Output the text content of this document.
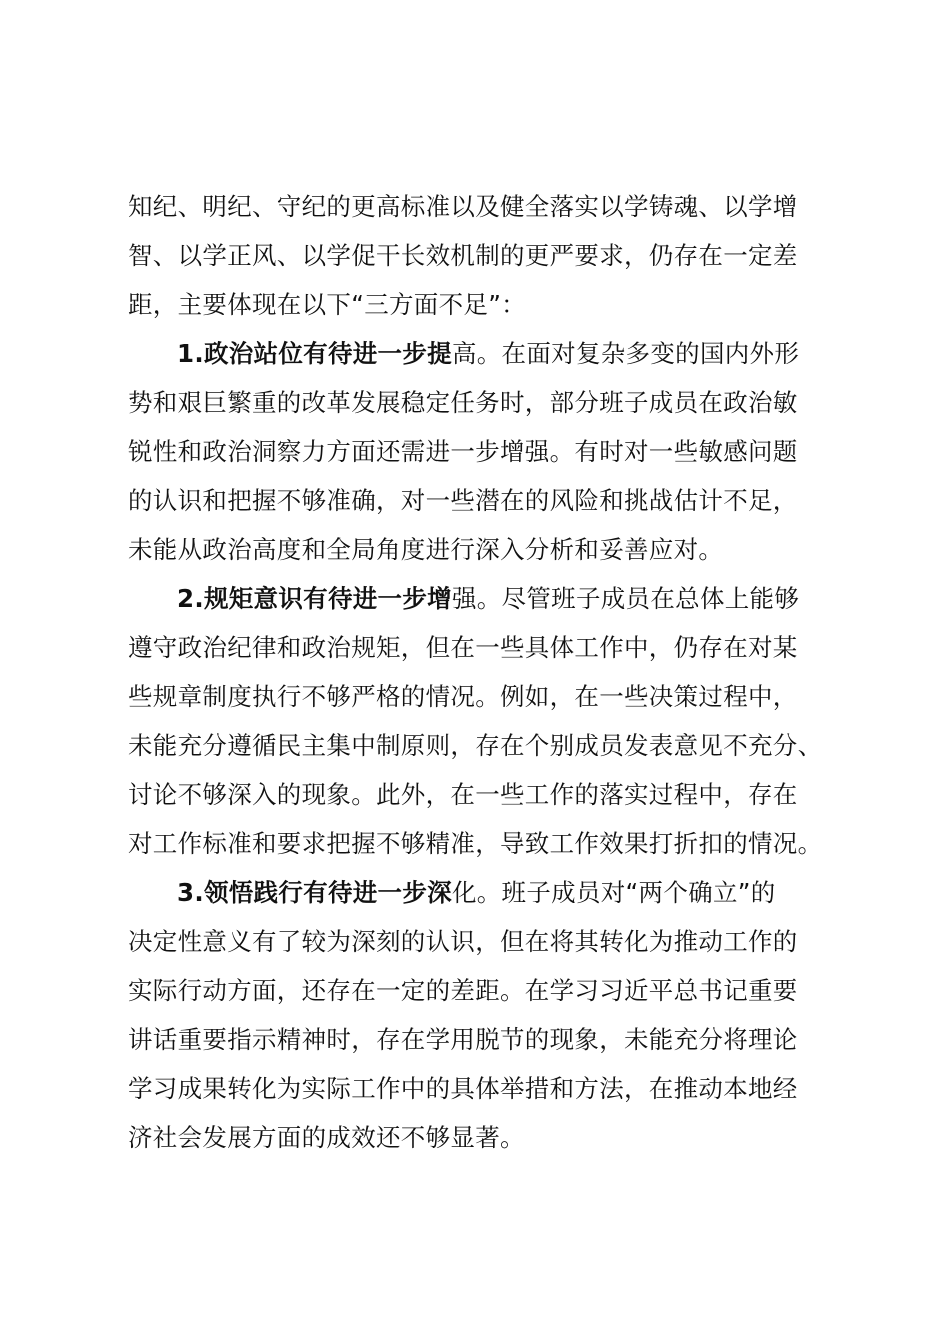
知纪、明纪、守纪的更高标准以及健全落实以学铸魂、以学增
智、以学正风、以学促干长效机制的更严要求，仍存在一定差
距，主要体现在以下“三方面不足”：
1.政治站位有待进一步提高。在面对复杂多变的国内外形
势和艰巨繁重的改革发展稳定任务时，部分班子成员在政治敏
锐性和政治洞察力方面还需进一步增强。有时对一些敏感问题
的认识和把握不够准确，对一些潜在的风险和挑战估计不足，
未能从政治高度和全局角度进行深入分析和妥善应对。
2.规矩意识有待进一步增强。尽管班子成员在总体上能够
遵守政治纪律和政治规矩，但在一些具体工作中，仍存在对某
些规章制度执行不够严格的情况。例如，在一些决策过程中，
未能充分遵循民主集中制原则，存在个别成员发表意见不充分、
讨论不够深入的现象。此外，在一些工作的落实过程中，存在
对工作标准和要求把握不够精准，导致工作效果打折扣的情况。
3.领悟践行有待进一步深化。班子成员对“两个确立”的
决定性意义有了较为深刻的认识，但在将其转化为推动工作的
实际行动方面，还存在一定的差距。在学习习近平总书记重要
讲话重要指示精神时，存在学用脱节的现象，未能充分将理论
学习成果转化为实际工作中的具体举措和方法，在推动本地经
济社会发展方面的成效还不够显著。
